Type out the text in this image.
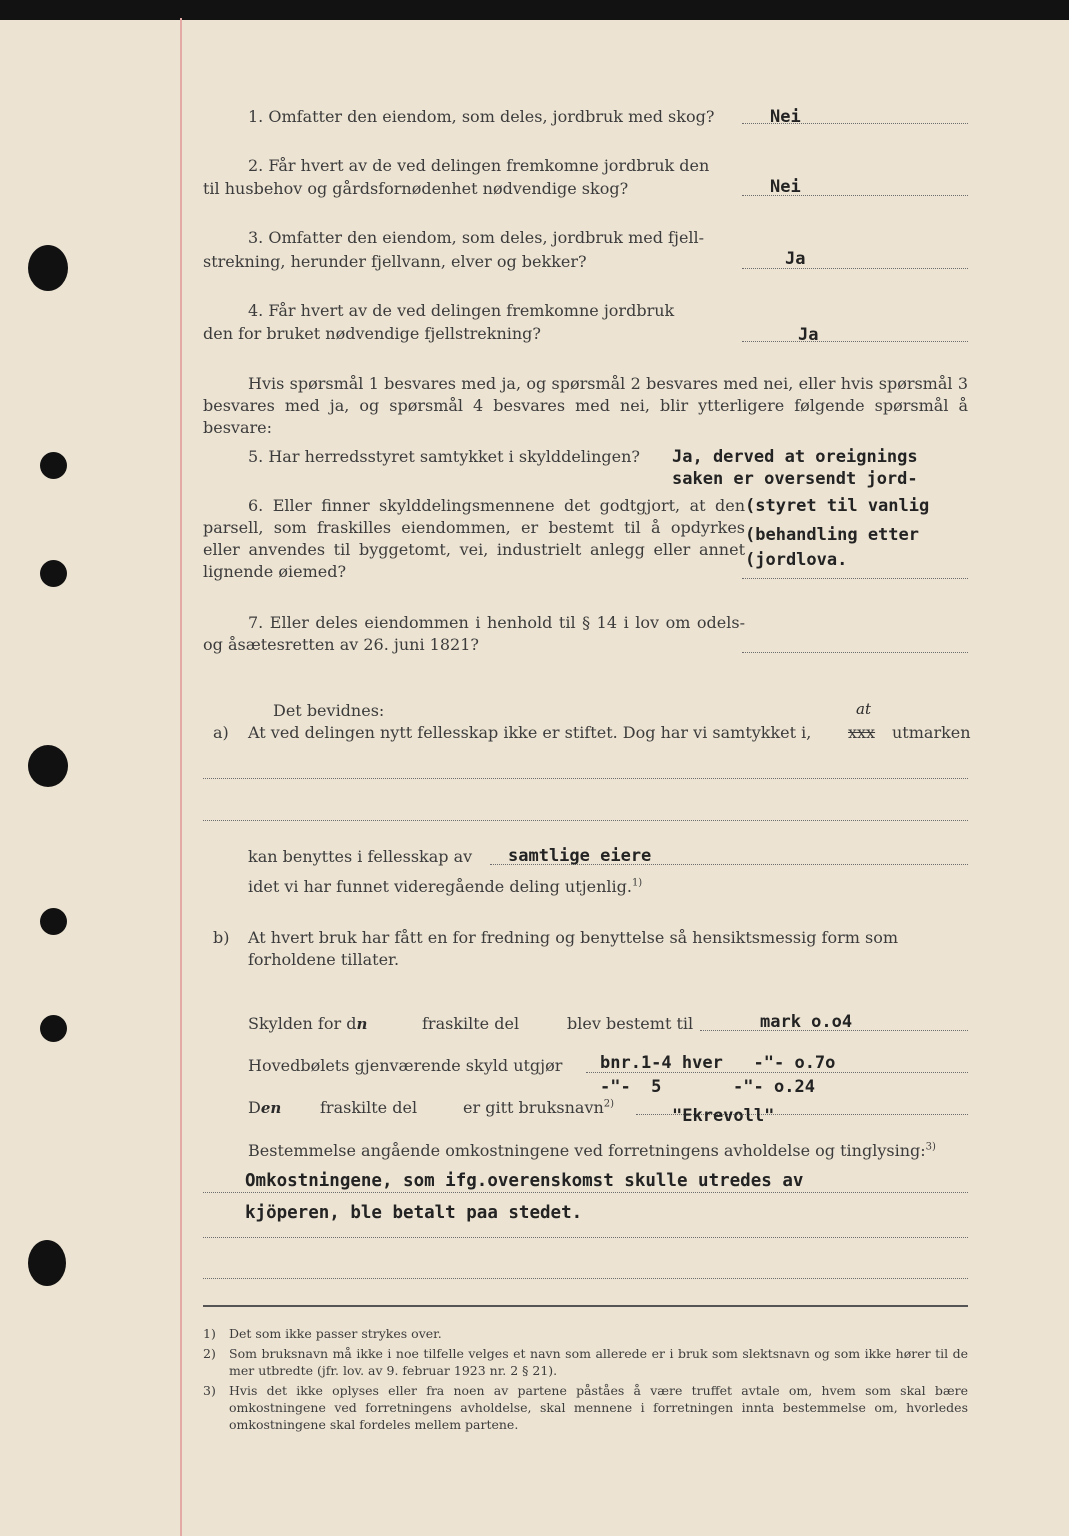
1. Omfatter den eiendom, som deles, jordbruk med skog?	Nei
2. Får hvert av de ved delingen fremkomne jordbruk den
til husbehov og gårdsfornødenhet nødvendige skog?	Nei
3. Omfatter den eiendom, som deles, jordbruk med fjell-
strekning, herunder fjellvann, elver og bekker?	Ja
4. Får hvert av de ved delingen fremkomne jordbruk
den for bruket nødvendige fjellstrekning?	Ja
Hvis spørsmål 1 besvares med ja, og spørsmål 2 besvares med nei, eller hvis spørsmål 3 besvares med ja, og spørsmål 4 besvares med nei, blir ytterligere følgende spørsmål å besvare:
5. Har herredsstyret samtykket i skylddelingen? Ja, derved at oreignings
saken er oversendt jord-
6. Eller finner skylddelingsmennene det godtgjort, at den parsell, som fraskilles eiendommen, er bestemt til å opdyrkes eller anvendes til byggetomt, vei, industrielt anlegg eller annet lignende øiemed?
(styret til vanlig
(behandling etter
(jordlova.
7. Eller deles eiendommen i henhold til § 14 i lov om odels- og åsætesretten av 26. juni 1821?
Det bevidnes:
a) At ved delingen nytt fellesskap ikke er stiftet. Dog har vi samtykket i,
at
xxx utmarken
kan benyttes i fellesskap av samtlige eiere
idet vi har funnet videregående deling utjenlig.$^{1)}$
b) At hvert bruk har fått en for fredning og benyttelse så hensiktsmessig form som forholdene tillater.
Skylden for dn	fraskilte del	blev bestemt til	mark o.o4
Hovedbølets gjenværende skyld utgjør bnr.1-4 hver   -"- o.7o
-"-  5       -"- o.24
Den fraskilte del	er gitt bruksnavn$^{2)}$
"Ekrevoll"
Bestemmelse angående omkostningene ved forretningens avholdelse og tinglysing:$^{3)}$
Omkostningene, som ifg.overenskomst skulle utredes av
kjöperen, ble betalt paa stedet.
1) Det som ikke passer strykes over.
2) Som bruksnavn må ikke i noe tilfelle velges et navn som allerede er i bruk som slektsnavn og som ikke hører til de mer utbredte (jfr. lov. av 9. februar 1923 nr. 2 § 21).
3) Hvis det ikke oplyses eller fra noen av partene påståes å være truffet avtale om, hvem som skal bære omkostningene ved forretningens avholdelse, skal mennene i forretningen innta bestemmelse om, hvorledes omkostningene skal fordeles mellem partene.
